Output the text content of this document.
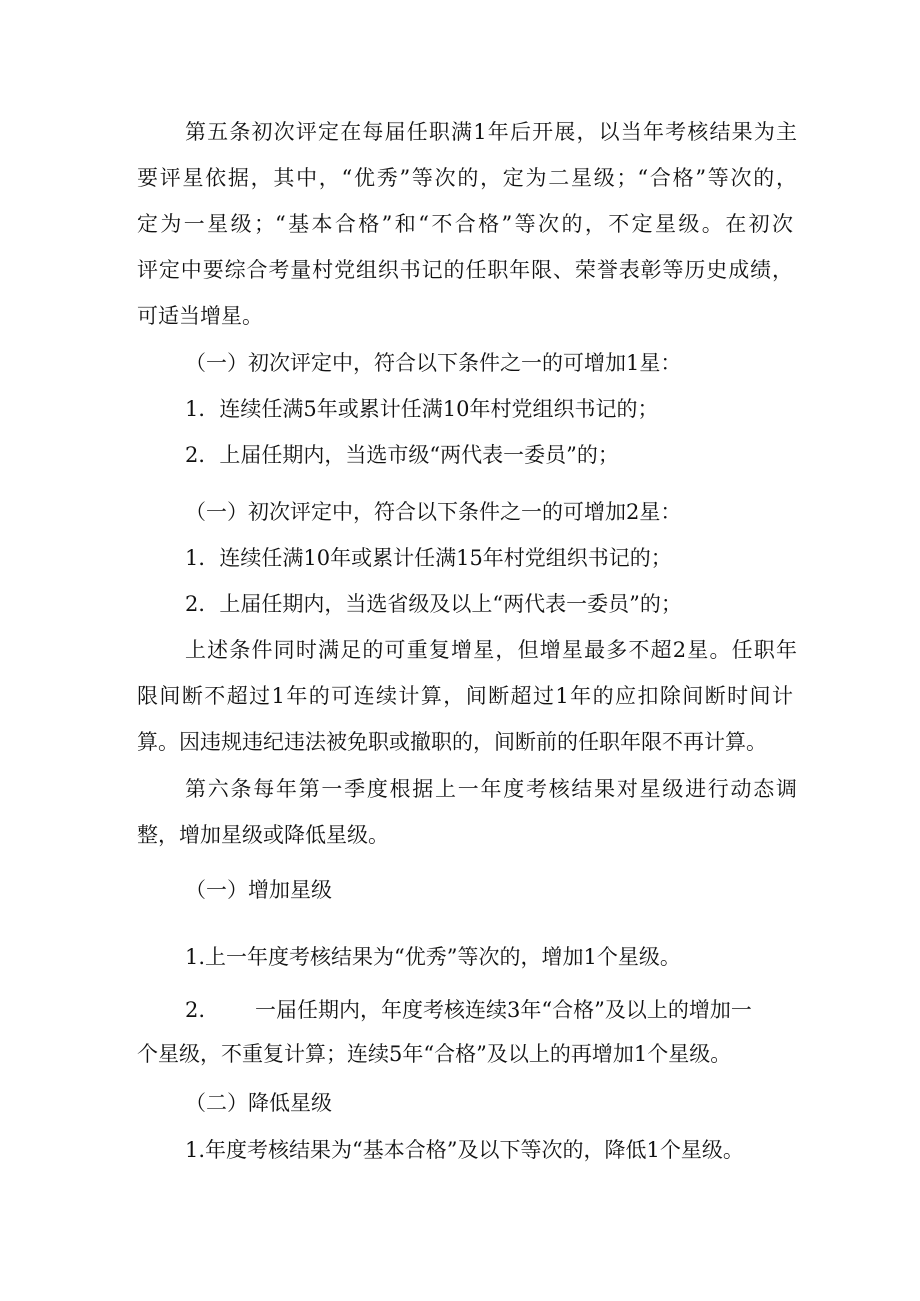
第五条初次评定在每届任职满1年后开展，以当年考核结果为主
要评星依据，其中，“优秀”等次的，定为二星级；“合格”等次的，
定为一星级；“基本合格”和“不合格”等次的，不定星级。在初次
评定中要综合考量村党组织书记的任职年限、荣誉表彰等历史成绩，
可适当增星。
（一）初次评定中，符合以下条件之一的可增加1星：
1．连续任满5年或累计任满10年村党组织书记的；
2．上届任期内，当选市级“两代表一委员”的；
（一）初次评定中，符合以下条件之一的可增加2星：
1．连续任满10年或累计任满15年村党组织书记的；
2．上届任期内，当选省级及以上“两代表一委员”的；
上述条件同时满足的可重复增星，但增星最多不超2星。任职年
限间断不超过1年的可连续计算，间断超过1年的应扣除间断时间计
算。因违规违纪违法被免职或撤职的，间断前的任职年限不再计算。
第六条每年第一季度根据上一年度考核结果对星级进行动态调
整，增加星级或降低星级。
（一）增加星级
1.上一年度考核结果为“优秀”等次的，增加1个星级。
2. 一届任期内，年度考核连续3年“合格”及以上的增加一
个星级，不重复计算；连续5年“合格”及以上的再增加1个星级。
（二）降低星级
1.年度考核结果为“基本合格”及以下等次的，降低1个星级。
